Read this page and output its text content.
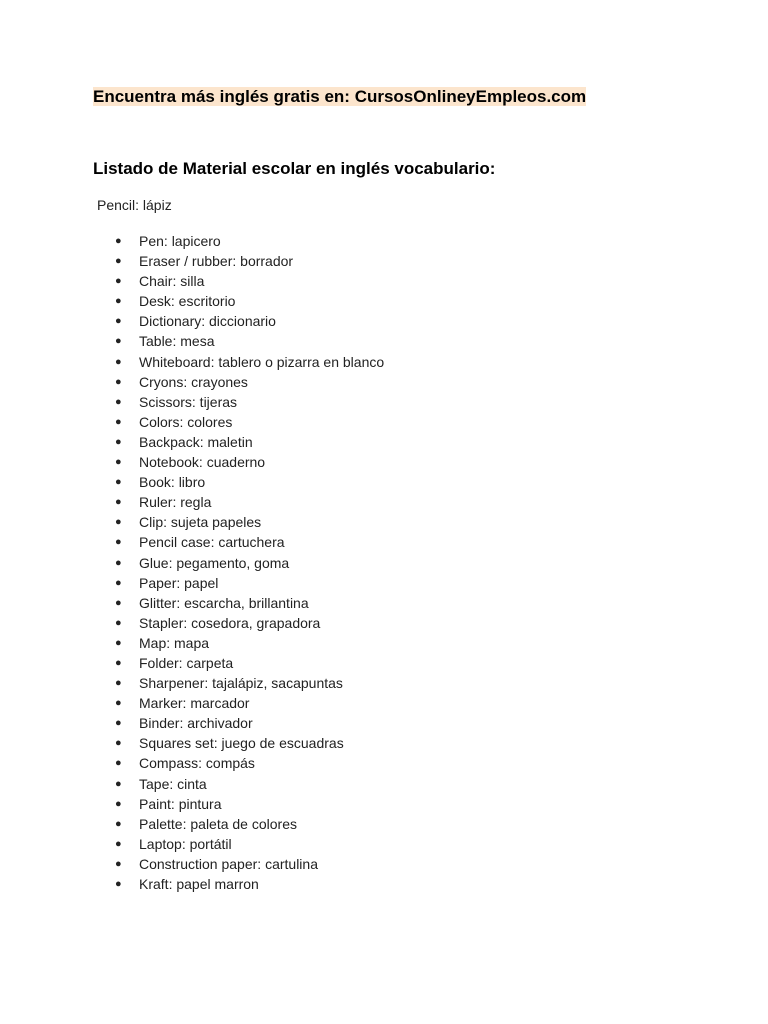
Encuentra más inglés gratis en: CursosOnlineyEmpleos.com

Listado de Material escolar en inglés vocabulario:

Pencil: lápiz

● Pen: lapicero
● Eraser / rubber: borrador
● Chair: silla
● Desk: escritorio
● Dictionary: diccionario
● Table: mesa
● Whiteboard: tablero o pizarra en blanco
● Cryons: crayones
● Scissors: tijeras
● Colors: colores
● Backpack: maletin
● Notebook: cuaderno
● Book: libro
● Ruler: regla
● Clip: sujeta papeles
● Pencil case: cartuchera
● Glue: pegamento, goma
● Paper: papel
● Glitter: escarcha, brillantina
● Stapler: cosedora, grapadora
● Map: mapa
● Folder: carpeta
● Sharpener: tajalápiz, sacapuntas
● Marker: marcador
● Binder: archivador
● Squares set: juego de escuadras
● Compass: compás
● Tape: cinta
● Paint: pintura
● Palette: paleta de colores
● Laptop: portátil
● Construction paper: cartulina
● Kraft: papel marron
